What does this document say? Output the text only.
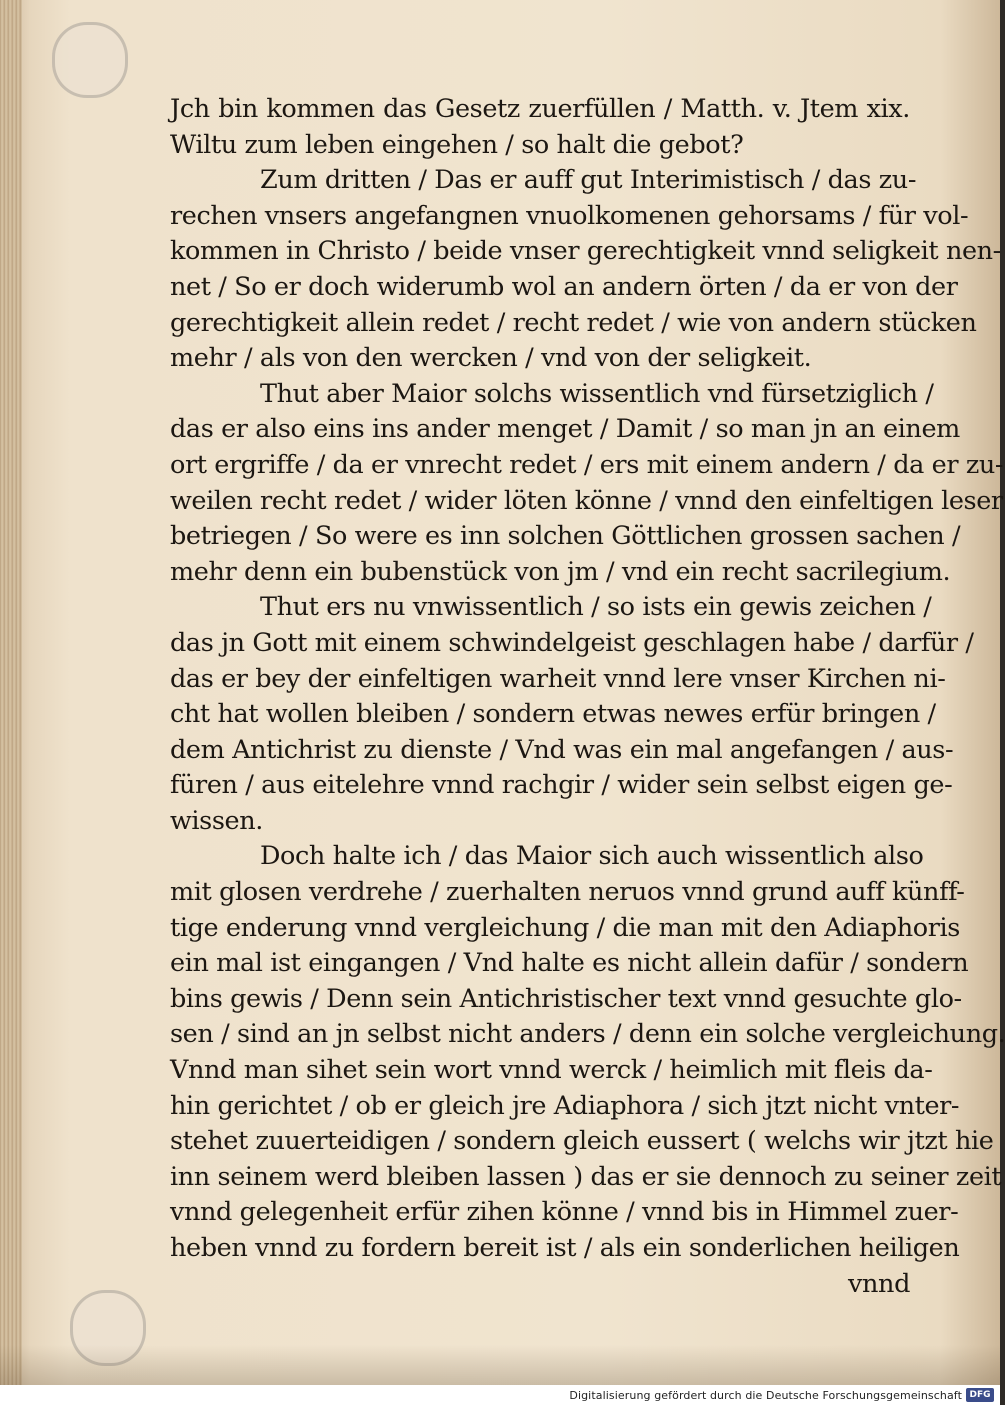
Jch bin kommen das Gesetz zuerfüllen / Matth. v. Jtem xix.
Wiltu zum leben eingehen / so halt die gebot?
Zum dritten / Das er auff gut Interimistisch / das zu-
rechen vnsers angefangnen vnuolkomenen gehorsams / für vol-
kommen in Christo / beide vnser gerechtigkeit vnnd seligkeit nen-
net / So er doch widerumb wol an andern örten / da er von der
gerechtigkeit allein redet / recht redet / wie von andern stücken
mehr / als von den wercken / vnd von der seligkeit.
Thut aber Maior solchs wissentlich vnd fürsetziglich /
das er also eins ins ander menget / Damit / so man jn an einem
ort ergriffe / da er vnrecht redet / ers mit einem andern / da er zu-
weilen recht redet / wider löten könne / vnnd den einfeltigen leser
betriegen / So were es inn solchen Göttlichen grossen sachen /
mehr denn ein bubenstück von jm / vnd ein recht sacrilegium.
Thut ers nu vnwissentlich / so ists ein gewis zeichen /
das jn Gott mit einem schwindelgeist geschlagen habe / darfür /
das er bey der einfeltigen warheit vnnd lere vnser Kirchen ni-
cht hat wollen bleiben / sondern etwas newes erfür bringen /
dem Antichrist zu dienste / Vnd was ein mal angefangen / aus-
füren / aus eitelehre vnnd rachgir / wider sein selbst eigen ge-
wissen.
Doch halte ich / das Maior sich auch wissentlich also
mit glosen verdrehe / zuerhalten neruos vnnd grund auff künff-
tige enderung vnnd vergleichung / die man mit den Adiaphoris
ein mal ist eingangen / Vnd halte es nicht allein dafür / sondern
bins gewis / Denn sein Antichristischer text vnnd gesuchte glo-
sen / sind an jn selbst nicht anders / denn ein solche vergleichung.
Vnnd man sihet sein wort vnnd werck / heimlich mit fleis da-
hin gerichtet / ob er gleich jre Adiaphora / sich jtzt nicht vnter-
stehet zuuerteidigen / sondern gleich eussert ( welchs wir jtzt hie
inn seinem werd bleiben lassen ) das er sie dennoch zu seiner zeit
vnnd gelegenheit erfür zihen könne / vnnd bis in Himmel zuer-
heben vnnd zu fordern bereit ist / als ein sonderlichen heiligen
vnnd
Digitalisierung gefördert durch die Deutsche Forschungsgemeinschaft DFG
